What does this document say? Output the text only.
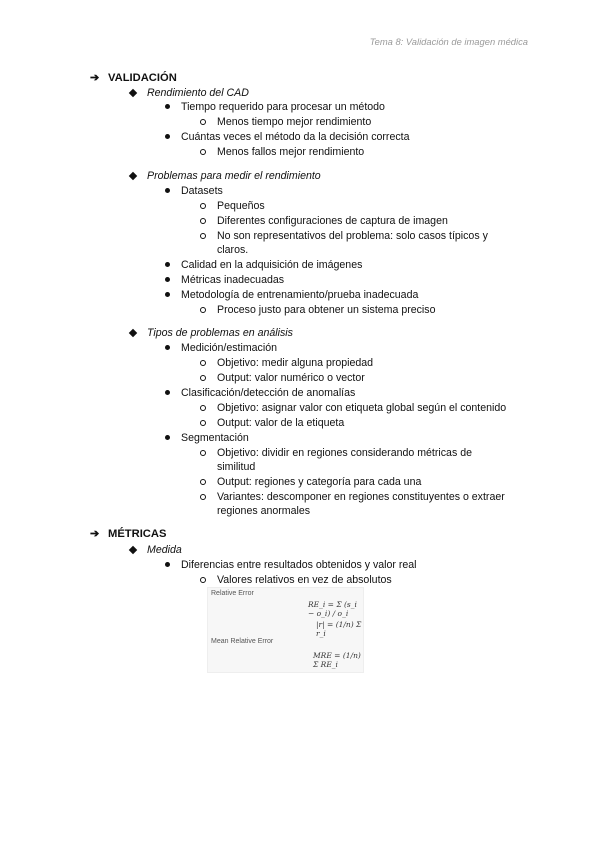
Tema 8: Validación de imagen médica
➔ VALIDACIÓN
Rendimiento del CAD
Tiempo requerido para procesar un método
Menos tiempo mejor rendimiento
Cuántas veces el método da la decisión correcta
Menos fallos mejor rendimiento
Problemas para medir el rendimiento
Datasets
Pequeños
Diferentes configuraciones de captura de imagen
No son representativos del problema: solo casos típicos y
claros.
Calidad en la adquisición de imágenes
Métricas inadecuadas
Metodología de entrenamiento/prueba inadecuada
Proceso justo para obtener un sistema preciso
Tipos de problemas en análisis
Medición/estimación
Objetivo: medir alguna propiedad
Output: valor numérico o vector
Clasificación/detección de anomalías
Objetivo: asignar valor con etiqueta global según el contenido
Output: valor de la etiqueta
Segmentación
Objetivo: dividir en regiones considerando métricas de
similitud
Output: regiones y categoría para cada una
Variantes: descomponer en regiones constituyentes o extraer
regiones anormales
➔ MÉTRICAS
Medida
Diferencias entre resultados obtenidos y valor real
Valores relativos en vez de absolutos
Relative Error
RE_i = Σ (s_i − o_i) / o_i
|r| = (1/n) Σ r_i
Mean Relative Error
MRE = (1/n) Σ RE_i
